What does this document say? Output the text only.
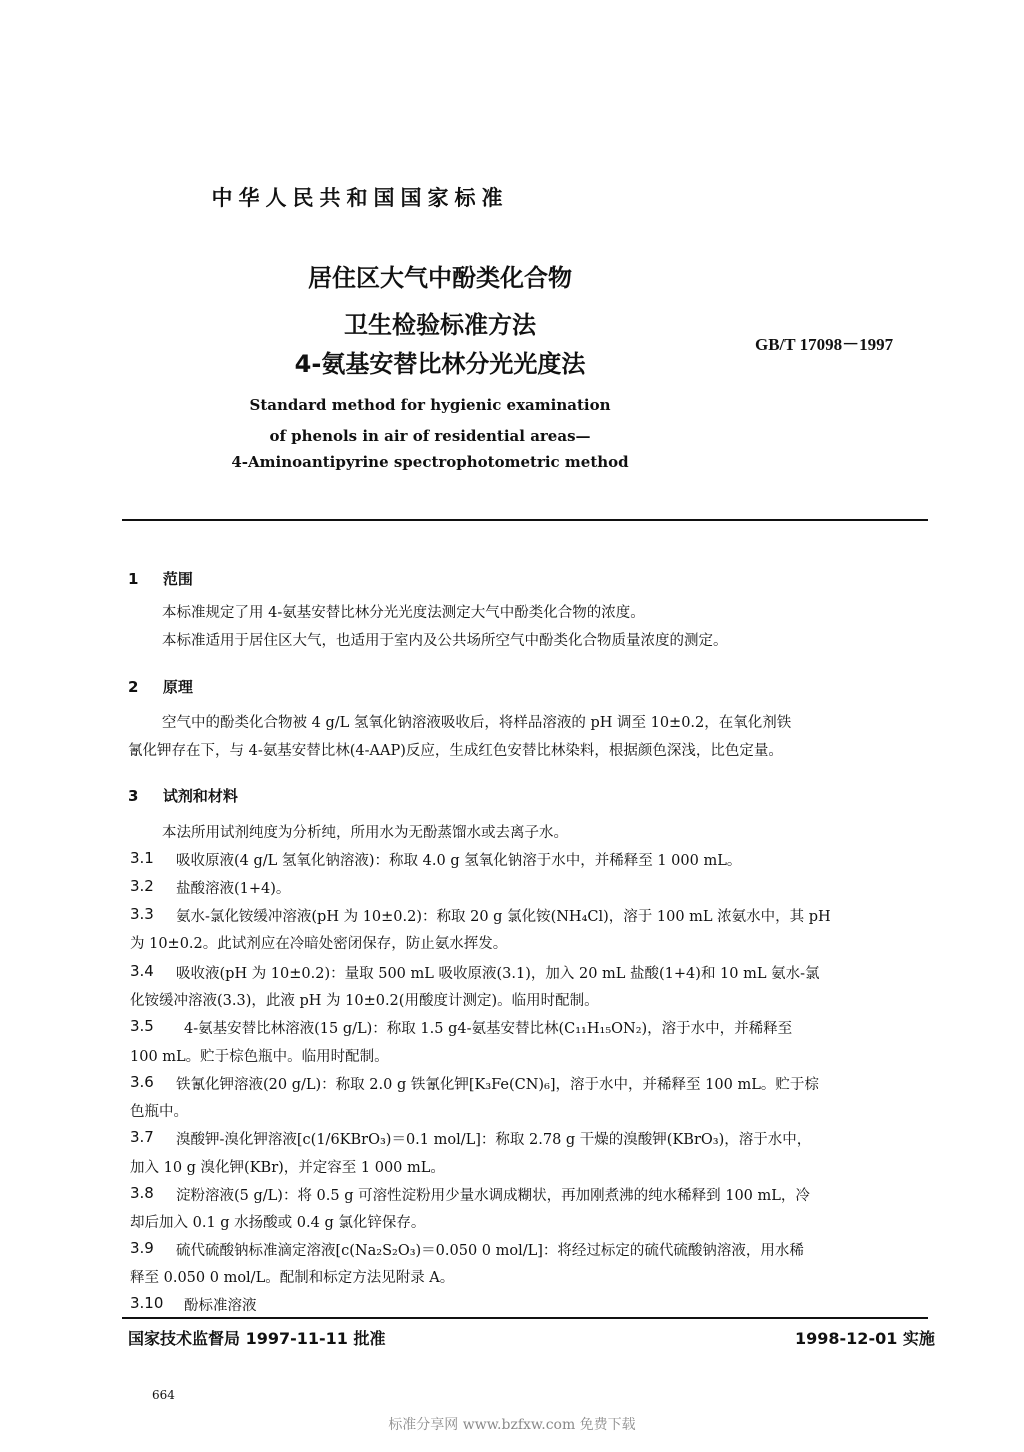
中华人民共和国国家标准
居住区大气中酚类化合物
卫生检验标准方法
4-氨基安替比林分光光度法
GB/T 17098－1997
Standard method for hygienic examination
of phenols in air of residential areas—
4-Aminoantipyrine spectrophotometric method
1 范围
本标准规定了用 4-氨基安替比林分光光度法测定大气中酚类化合物的浓度。
本标准适用于居住区大气，也适用于室内及公共场所空气中酚类化合物质量浓度的测定。
2 原理
空气中的酚类化合物被 4 g/L 氢氧化钠溶液吸收后，将样品溶液的 pH 调至 10±0.2，在氧化剂铁
氰化钾存在下，与 4-氨基安替比林(4-AAP)反应，生成红色安替比林染料，根据颜色深浅，比色定量。
3 试剂和材料
本法所用试剂纯度为分析纯，所用水为无酚蒸馏水或去离子水。
3.1 吸收原液(4 g/L 氢氧化钠溶液)：称取 4.0 g 氢氧化钠溶于水中，并稀释至 1 000 mL。
3.2 盐酸溶液(1+4)。
3.3 氨水-氯化铵缓冲溶液(pH 为 10±0.2)：称取 20 g 氯化铵(NH₄Cl)，溶于 100 mL 浓氨水中，其 pH
为 10±0.2。此试剂应在冷暗处密闭保存，防止氨水挥发。
3.4 吸收液(pH 为 10±0.2)：量取 500 mL 吸收原液(3.1)，加入 20 mL 盐酸(1+4)和 10 mL 氨水-氯
化铵缓冲溶液(3.3)，此液 pH 为 10±0.2(用酸度计测定)。临用时配制。
3.5 4-氨基安替比林溶液(15 g/L)：称取 1.5 g4-氨基安替比林(C₁₁H₁₅ON₂)，溶于水中，并稀释至
100 mL。贮于棕色瓶中。临用时配制。
3.6 铁氰化钾溶液(20 g/L)：称取 2.0 g 铁氰化钾[K₃Fe(CN)₆]，溶于水中，并稀释至 100 mL。贮于棕
色瓶中。
3.7 溴酸钾-溴化钾溶液[c(1/6KBrO₃)＝0.1 mol/L]：称取 2.78 g 干燥的溴酸钾(KBrO₃)，溶于水中，
加入 10 g 溴化钾(KBr)，并定容至 1 000 mL。
3.8 淀粉溶液(5 g/L)：将 0.5 g 可溶性淀粉用少量水调成糊状，再加刚煮沸的纯水稀释到 100 mL，冷
却后加入 0.1 g 水扬酸或 0.4 g 氯化锌保存。
3.9 硫代硫酸钠标准滴定溶液[c(Na₂S₂O₃)＝0.050 0 mol/L]：将经过标定的硫代硫酸钠溶液，用水稀
释至 0.050 0 mol/L。配制和标定方法见附录 A。
3.10 酚标准溶液
国家技术监督局 1997-11-11 批准	1998-12-01 实施
664
标准分享网 www.bzfxw.com 免费下载
